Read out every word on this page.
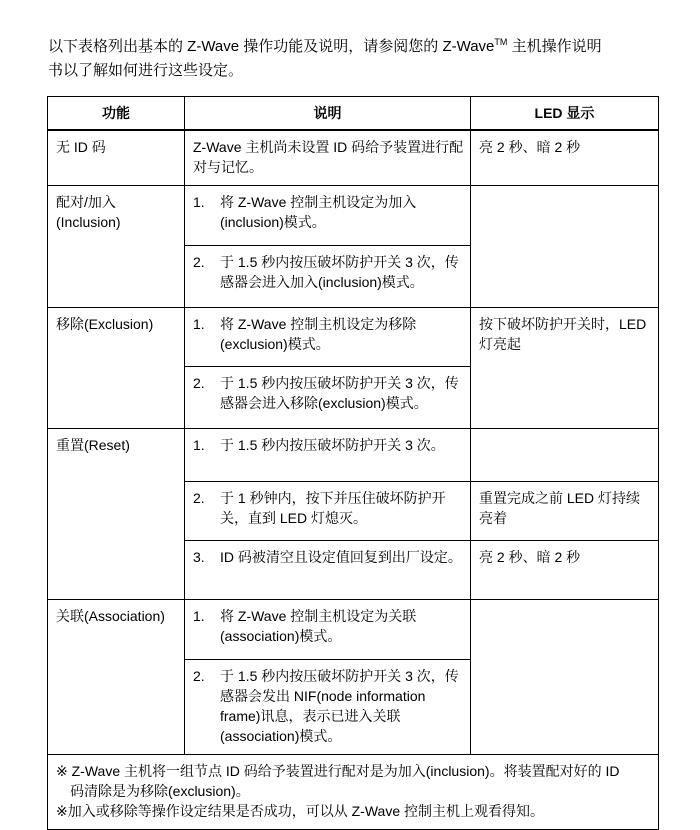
以下表格列出基本的 Z-Wave 操作功能及说明，请参阅您的 Z-Wave™ 主机操作说明
书以了解如何进行这些设定。
功能	说明	LED 显示
无 ID 码	Z-Wave 主机尚未设置 ID 码给予装置进行配对与记忆。	亮 2 秒、暗 2 秒
配对/加入 (Inclusion)	1. 将 Z-Wave 控制主机设定为加入(inclusion)模式。	

	2. 于 1.5 秒内按压破坏防护开关 3 次，传感器会进入加入(inclusion)模式。	

移除(Exclusion)	1. 将 Z-Wave 控制主机设定为移除(exclusion)模式。	按下破坏防护开关时，LED 灯亮起

	2. 于 1.5 秒内按压破坏防护开关 3 次，传感器会进入移除(exclusion)模式。	

重置(Reset)	1. 于 1.5 秒内按压破坏防护开关 3 次。	

	2. 于 1 秒钟内，按下并压住破坏防护开关，直到 LED 灯熄灭。	重置完成之前 LED 灯持续亮着

	3. ID 码被清空且设定值回复到出厂设定。	亮 2 秒、暗 2 秒
关联(Association)	1. 将 Z-Wave 控制主机设定为关联(association)模式。	

	2. 于 1.5 秒内按压破坏防护开关 3 次，传感器会发出 NIF(node information frame)讯息，表示已进入关联(association)模式。	

※ Z-Wave 主机将一组节点 ID 码给予装置进行配对是为加入(inclusion)。将装置配对好的 ID
码清除是为移除(exclusion)。
※加入或移除等操作设定结果是否成功，可以从 Z-Wave 控制主机上观看得知。		
